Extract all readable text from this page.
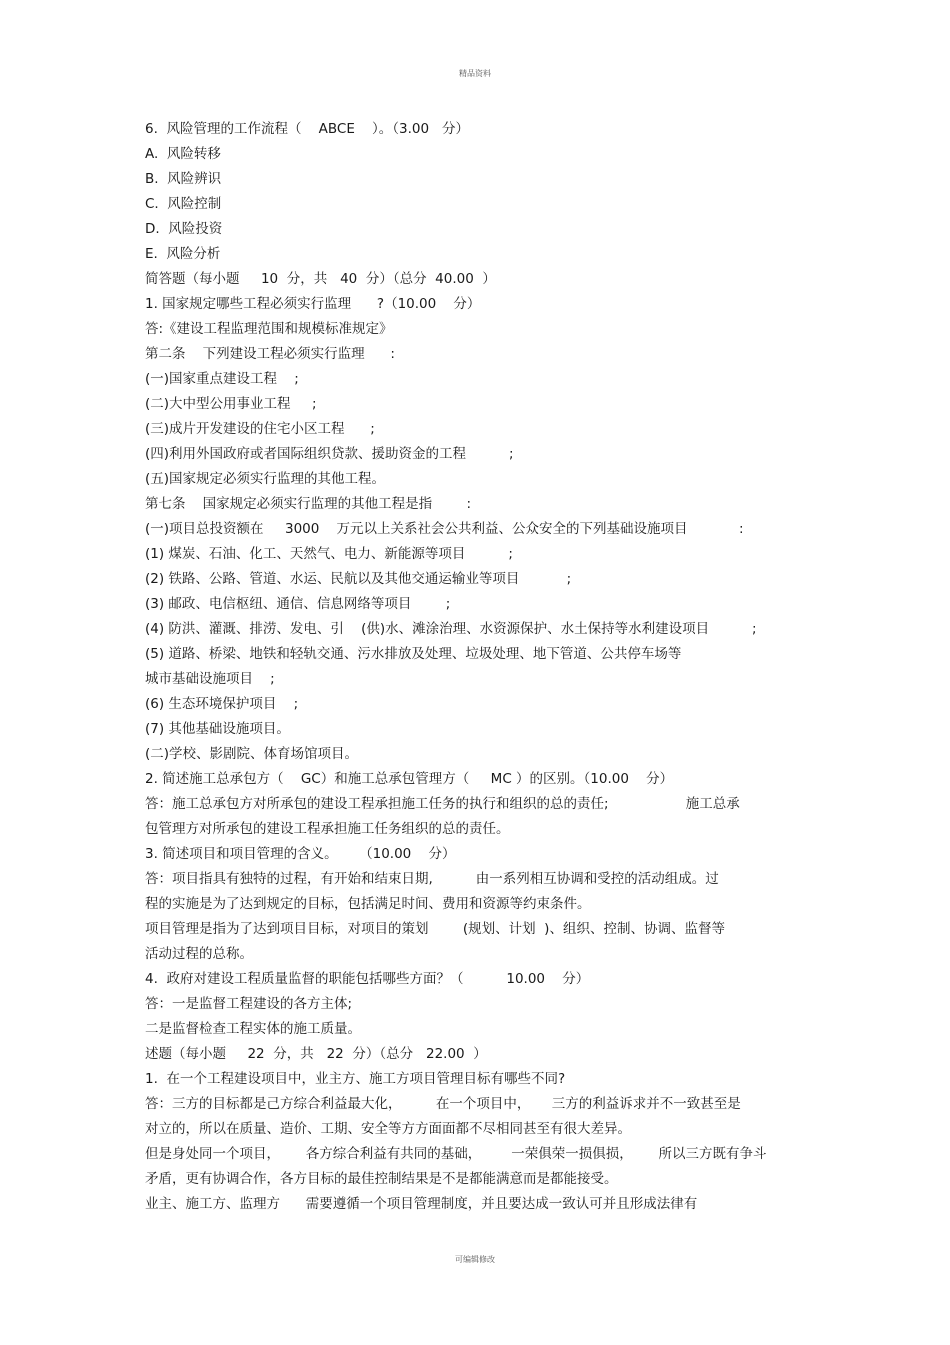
精品资料
6.  风险管理的工作流程（    ABCE    ）。（3.00   分）
A.  风险转移
B.  风险辨识
C.  风险控制
D.  风险投资
E.  风险分析
简答题（每小题     10  分，共   40  分）（总分  40.00  ）
1. 国家规定哪些工程必须实行监理      ?（10.00    分）
答:《建设工程监理范围和规模标准规定》
第二条    下列建设工程必须实行监理      :
(一)国家重点建设工程    ;
(二)大中型公用事业工程     ;
(三)成片开发建设的住宅小区工程      ;
(四)利用外国政府或者国际组织贷款、援助资金的工程          ;
(五)国家规定必须实行监理的其他工程。
第七条    国家规定必须实行监理的其他工程是指        :
(一)项目总投资额在     3000    万元以上关系社会公共利益、公众安全的下列基础设施项目            :
(1) 煤炭、石油、化工、天然气、电力、新能源等项目          ;
(2) 铁路、公路、管道、水运、民航以及其他交通运输业等项目           ;
(3) 邮政、电信枢纽、通信、信息网络等项目        ;
(4) 防洪、灌溉、排涝、发电、引    (供)水、滩涂治理、水资源保护、水土保持等水利建设项目          ;
(5) 道路、桥梁、地铁和轻轨交通、污水排放及处理、垃圾处理、地下管道、公共停车场等
城市基础设施项目    ;
(6) 生态环境保护项目    ;
(7) 其他基础设施项目。
(二)学校、影剧院、体育场馆项目。
2. 简述施工总承包方（    GC）和施工总承包管理方（     MC ）的区别。（10.00    分）
答：施工总承包方对所承包的建设工程承担施工任务的执行和组织的总的责任;                  施工总承
包管理方对所承包的建设工程承担施工任务组织的总的责任。
3. 简述项目和项目管理的含义。     （10.00    分）
答：项目指具有独特的过程，有开始和结束日期,          由一系列相互协调和受控的活动组成。过
程的实施是为了达到规定的目标，包括满足时间、费用和资源等约束条件。
项目管理是指为了达到项目目标，对项目的策划        (规划、计划  )、组织、控制、协调、监督等
活动过程的总称。
4.  政府对建设工程质量监督的职能包括哪些方面？（          10.00    分）
答：一是监督工程建设的各方主体;
二是监督检查工程实体的施工质量。
述题（每小题     22  分，共   22  分）（总分   22.00  ）
1.  在一个工程建设项目中，业主方、施工方项目管理目标有哪些不同?
答：三方的目标都是己方综合利益最大化，        在一个项目中，     三方的利益诉求并不一致甚至是
对立的，所以在质量、造价、工期、安全等方方面面都不尽相同甚至有很大差异。
但是身处同一个项目，      各方综合利益有共同的基础，       一荣俱荣一损俱损，      所以三方既有争斗
矛盾，更有协调合作，各方目标的最佳控制结果是不是都能满意而是都能接受。
业主、施工方、监理方      需要遵循一个项目管理制度，并且要达成一致认可并且形成法律有
可编辑修改
